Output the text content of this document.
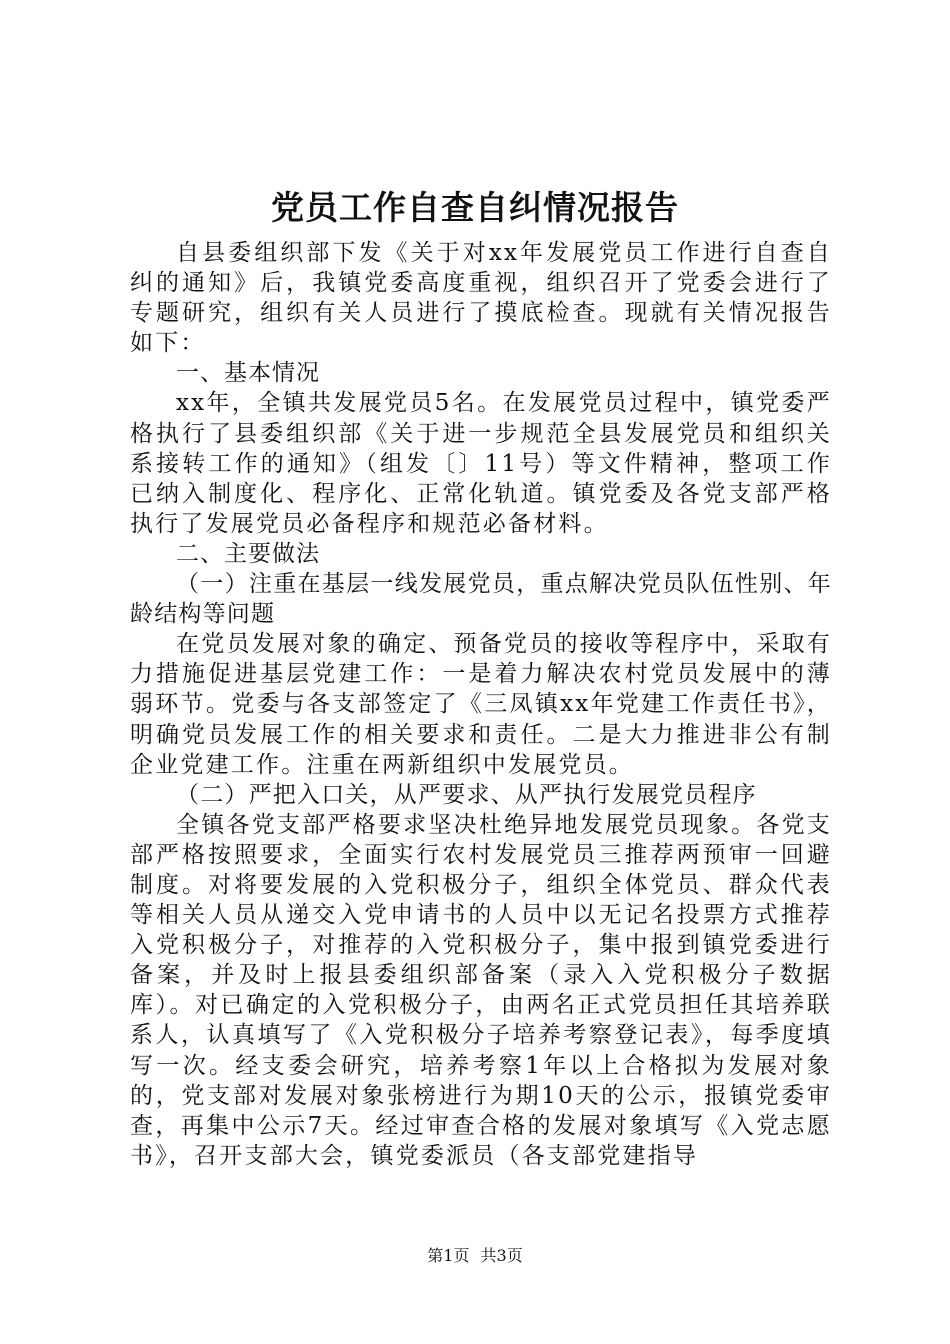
党员工作自查自纠情况报告

自县委组织部下发《关于对xx年发展党员工作进行自查自纠的通知》后，我镇党委高度重视，组织召开了党委会进行了专题研究，组织有关人员进行了摸底检查。现就有关情况报告如下：

一、基本情况

xx年，全镇共发展党员5名。在发展党员过程中，镇党委严格执行了县委组织部《关于进一步规范全县发展党员和组织关系接转工作的通知》（组发〔〕11号）等文件精神，整项工作已纳入制度化、程序化、正常化轨道。镇党委及各党支部严格执行了发展党员必备程序和规范必备材料。

二、主要做法

（一）注重在基层一线发展党员，重点解决党员队伍性别、年龄结构等问题

在党员发展对象的确定、预备党员的接收等程序中，采取有力措施促进基层党建工作：一是着力解决农村党员发展中的薄弱环节。党委与各支部签定了《三凤镇xx年党建工作责任书》，明确党员发展工作的相关要求和责任。二是大力推进非公有制企业党建工作。注重在两新组织中发展党员。

（二）严把入口关，从严要求、从严执行发展党员程序

全镇各党支部严格要求坚决杜绝异地发展党员现象。各党支部严格按照要求，全面实行农村发展党员三推荐两预审一回避制度。对将要发展的入党积极分子，组织全体党员、群众代表等相关人员从递交入党申请书的人员中以无记名投票方式推荐入党积极分子，对推荐的入党积极分子，集中报到镇党委进行备案，并及时上报县委组织部备案（录入入党积极分子数据库）。对已确定的入党积极分子，由两名正式党员担任其培养联系人，认真填写了《入党积极分子培养考察登记表》，每季度填写一次。经支委会研究，培养考察1年以上合格拟为发展对象的，党支部对发展对象张榜进行为期10天的公示，报镇党委审查，再集中公示7天。经过审查合格的发展对象填写《入党志愿书》，召开支部大会，镇党委派员（各支部党建指导

第1页 共3页
